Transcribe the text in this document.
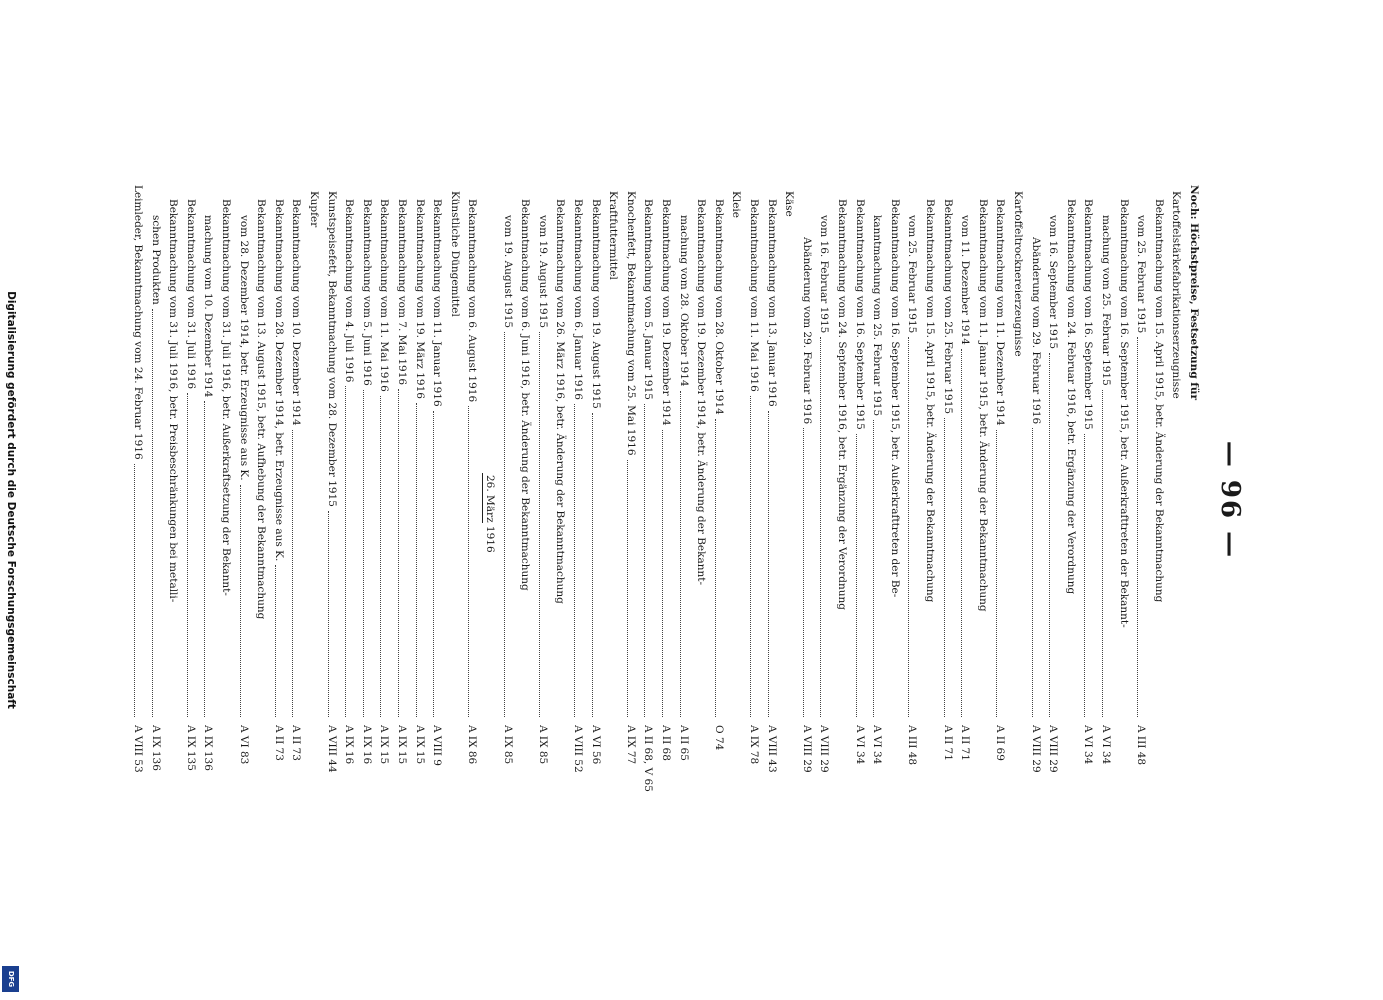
— 96 —
Noch: Höchstpreise, Festsetzung für
Kartoffelstärkefabrikationserzeugnisse
Bekanntmachung vom 15. April 1915, betr. Änderung der Bekanntmachung
vom 25. Februar 1915
A III 48
Bekanntmachung vom 16. September 1915, betr. Außerkrafttreten der Bekannt-
machung vom 25. Februar 1915
A VI 34
Bekanntmachung vom 16. September 1915
A VI 34
Bekanntmachung vom 24. Februar 1916, betr. Ergänzung der Verordnung
vom 16. September 1915
A VIII 29
Abänderung vom 29. Februar 1916
A VIII 29
Kartoffeltrocknereierzeugnisse
Bekanntmachung vom 11. Dezember 1914
A II 69
Bekanntmachung vom 11. Januar 1915, betr. Änderung der Bekanntmachung
vom 11. Dezember 1914
A II 71
Bekanntmachung vom 25. Februar 1915
A II 71
Bekanntmachung vom 15. April 1915, betr. Änderung der Bekanntmachung
vom 25. Februar 1915
A III 48
Bekanntmachung vom 16. September 1915, betr. Außerkrafttreten der Be-
kanntmachung vom 25. Februar 1915
A VI 34
Bekanntmachung vom 16. September 1915
A VI 34
Bekanntmachung vom 24. September 1916, betr. Ergänzung der Verordnung
vom 16. Februar 1915
A VIII 29
Abänderung vom 29. Februar 1916
A VIII 29
Käse
Bekanntmachung vom 13. Januar 1916
A VIII 43
Bekanntmachung vom 11. Mai 1916
A IX 78
Kleie
Bekanntmachung vom 28. Oktober 1914
O 74
Bekanntmachung vom 19. Dezember 1914, betr. Änderung der Bekannt-
machung vom 28. Oktober 1914
A II 65
Bekanntmachung vom 19. Dezember 1914
A II 68
Bekanntmachung vom 5. Januar 1915
A II 68, V 65
Knochenfett, Bekanntmachung vom 25. Mai 1916
A IX 77
Kraftfuttermittel
Bekanntmachung vom 19. August 1915
A VI 56
Bekanntmachung vom 6. Januar 1916
A VIII 52
Bekanntmachung vom 26. März 1916, betr. Änderung der Bekanntmachung
vom 19. August 1915
A IX 85
Bekanntmachung vom 6. Juni 1916, betr. Änderung der Bekanntmachung
vom 19. August 1915
A IX 85
26. März 1916
Bekanntmachung vom 6. August 1916
A IX 86
Künstliche Düngemittel
Bekanntmachung vom 11. Januar 1916
A VIII 9
Bekanntmachung vom 19. März 1916
A IX 15
Bekanntmachung vom 7. Mai 1916
A IX 15
Bekanntmachung vom 11. Mai 1916
A IX 15
Bekanntmachung vom 5. Juni 1916
A IX 16
Bekanntmachung vom 4. Juli 1916
A IX 16
Kunstspeisefett, Bekanntmachung vom 28. Dezember 1915
A VIII 44
Kupfer
Bekanntmachung vom 10. Dezember 1914
A II 73
Bekanntmachung vom 28. Dezember 1914, betr. Erzeugnisse aus K.
A II 73
Bekanntmachung vom 13. August 1915, betr. Aufhebung der Bekanntmachung
vom 28. Dezember 1914, betr. Erzeugnisse aus K.
A VI 83
Bekanntmachung vom 31. Juli 1916, betr. Außerkraftsetzung der Bekannt-
machung vom 10. Dezember 1914
A IX 136
Bekanntmachung vom 31. Juli 1916
A IX 135
Bekanntmachung vom 31. Juli 1916, betr. Preisbeschränkungen bei metalli-
schen Produkten
A IX 136
Leimleder, Bekanntmachung vom 24. Februar 1916
A VIII 53
Digitalisierung gefördert durch die Deutsche Forschungsgemeinschaft
DFG
